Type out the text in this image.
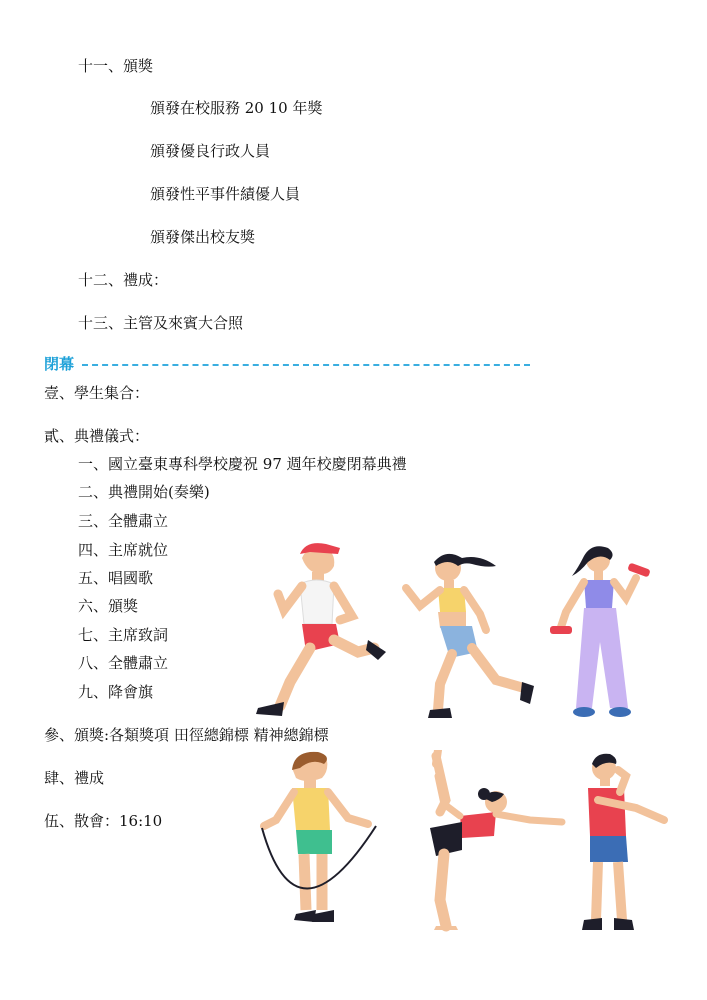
十一、頒獎
頒發在校服務 20 10 年獎
頒發優良行政人員
頒發性平事件績優人員
頒發傑出校友獎
十二、禮成：
十三、主管及來賓大合照
閉幕
壹、學生集合：
貳、典禮儀式：
一、國立臺東專科學校慶祝 97 週年校慶閉幕典禮
二、典禮開始(奏樂)
三、全體肅立
四、主席就位
五、唱國歌
六、頒獎
七、主席致詞
八、全體肅立
九、降會旗
參、頒獎:各類獎項 田徑總錦標 精神總錦標
肆、禮成
伍、散會：16:10
